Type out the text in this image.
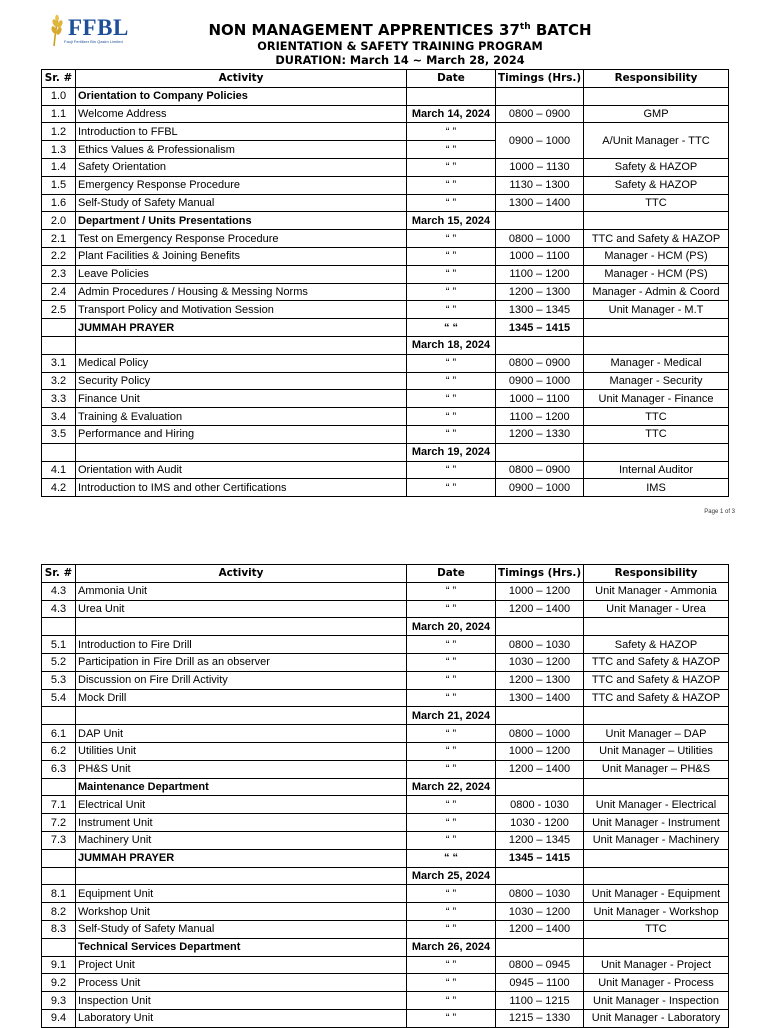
FFBL
Fauji Fertilizer Bin Qasim Limited
NON MANAGEMENT APPRENTICES 37th BATCH
ORIENTATION & SAFETY TRAINING PROGRAM
DURATION: March 14 ~ March 28, 2024
Sr. #	Activity	Date	Timings (Hrs.)	Responsibility
1.0	Orientation to Company Policies			
1.1	Welcome Address	March 14, 2024	0800 – 0900	GMP
1.2	Introduction to FFBL	“ ”	0900 – 1000	A/Unit Manager - TTC
1.3	Ethics Values & Professionalism	“ ”		
1.4	Safety Orientation	“ ”	1000 – 1130	Safety & HAZOP
1.5	Emergency Response Procedure	“ ”	1130 – 1300	Safety & HAZOP
1.6	Self-Study of Safety Manual	“ ”	1300 – 1400	TTC
2.0	Department / Units Presentations	March 15, 2024		
2.1	Test on Emergency Response Procedure	“ ”	0800 – 1000	TTC and Safety & HAZOP
2.2	Plant Facilities & Joining Benefits	“ ”	1000 – 1100	Manager - HCM (PS)
2.3	Leave Policies	“ ”	1100 – 1200	Manager - HCM (PS)
2.4	Admin Procedures / Housing & Messing Norms	“ ”	1200 – 1300	Manager - Admin & Coord
2.5	Transport Policy and Motivation Session	“ ”	1300 – 1345	Unit Manager - M.T
	JUMMAH PRAYER	“ “	1345 – 1415	
		March 18, 2024		
3.1	Medical Policy	“ ”	0800 – 0900	Manager - Medical
3.2	Security Policy	“ ”	0900 – 1000	Manager - Security
3.3	Finance Unit	“ ”	1000 – 1100	Unit Manager - Finance
3.4	Training & Evaluation	“ ”	1100 – 1200	TTC
3.5	Performance and Hiring	“ ”	1200 – 1330	TTC
		March 19, 2024		
4.1	Orientation with Audit	“ ”	0800 – 0900	Internal Auditor
4.2	Introduction to IMS and other Certifications	“ ”	0900 – 1000	IMS
Page 1 of 3
Sr. #	Activity	Date	Timings (Hrs.)	Responsibility
4.3	Ammonia Unit	“ ”	1000 – 1200	Unit Manager - Ammonia
4.3	Urea Unit	“ ”	1200 – 1400	Unit Manager - Urea
		March 20, 2024		
5.1	Introduction to Fire Drill	“ ”	0800 – 1030	Safety & HAZOP
5.2	Participation in Fire Drill as an observer	“ ”	1030 – 1200	TTC and Safety & HAZOP
5.3	Discussion on Fire Drill Activity	“ ”	1200 – 1300	TTC and Safety & HAZOP
5.4	Mock Drill	“ ”	1300 – 1400	TTC and Safety & HAZOP
		March 21, 2024		
6.1	DAP Unit	“ ”	0800 – 1000	Unit Manager – DAP
6.2	Utilities Unit	“ ”	1000 – 1200	Unit Manager – Utilities
6.3	PH&S Unit	“ ”	1200 – 1400	Unit Manager – PH&S
	Maintenance Department	March 22, 2024		
7.1	Electrical Unit	“ ”	0800 - 1030	Unit Manager - Electrical
7.2	Instrument Unit	“ ”	1030 - 1200	Unit Manager - Instrument
7.3	Machinery Unit	“ ”	1200 – 1345	Unit Manager - Machinery
	JUMMAH PRAYER	“ “	1345 – 1415	
		March 25, 2024		
8.1	Equipment Unit	“ ”	0800 – 1030	Unit Manager - Equipment
8.2	Workshop Unit	“ ”	1030 – 1200	Unit Manager - Workshop
8.3	Self-Study of Safety Manual	“ ”	1200 – 1400	TTC
	Technical Services Department	March 26, 2024		
9.1	Project Unit	“ ”	0800 – 0945	Unit Manager - Project
9.2	Process Unit	“ ”	0945 – 1100	Unit Manager - Process
9.3	Inspection Unit	“ ”	1100 – 1215	Unit Manager - Inspection
9.4	Laboratory Unit	“ ”	1215 – 1330	Unit Manager - Laboratory
